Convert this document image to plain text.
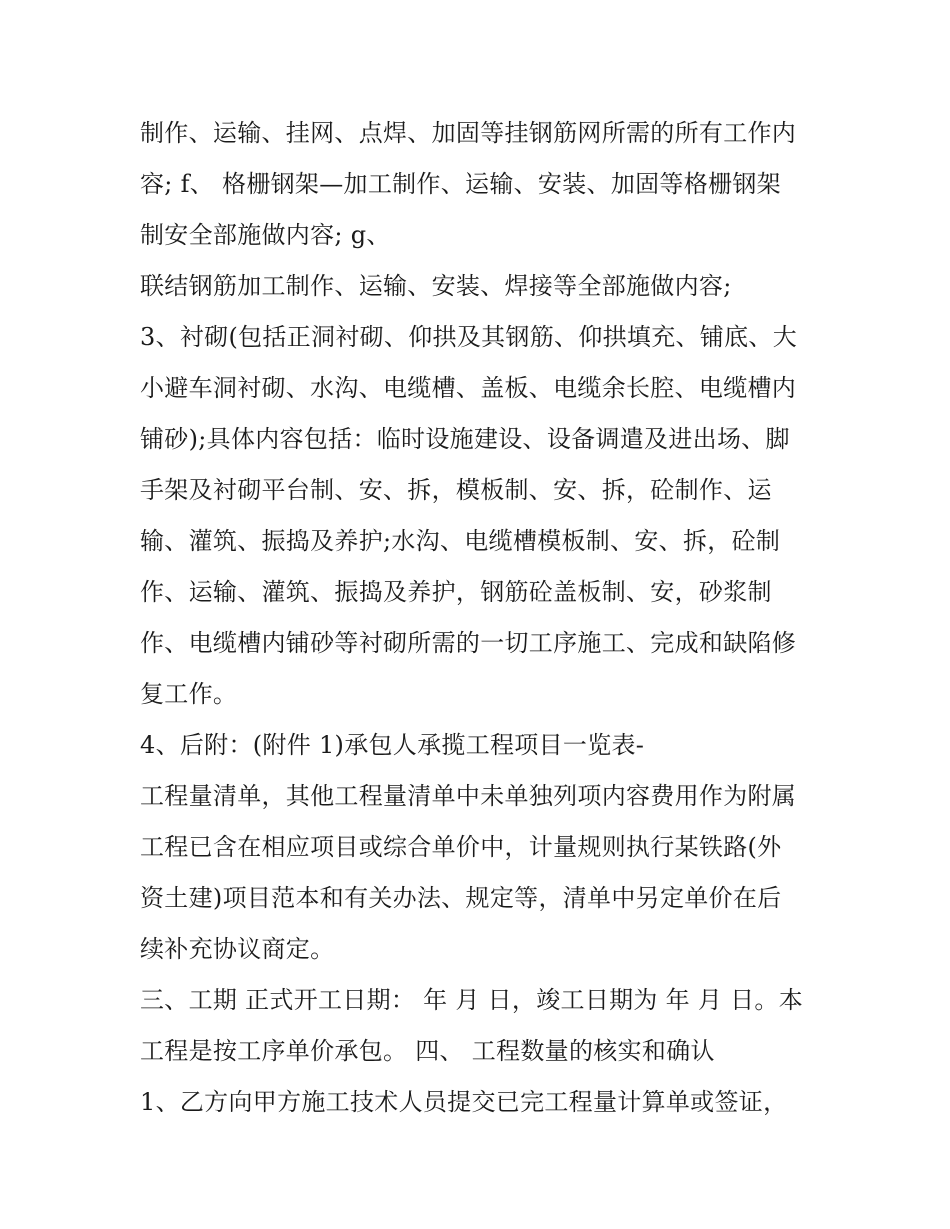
制作、运输、挂网、点焊、加固等挂钢筋网所需的所有工作内
容; f、 格栅钢架—加工制作、运输、安装、加固等格栅钢架
制安全部施做内容; g、
联结钢筋加工制作、运输、安装、焊接等全部施做内容;
3、衬砌(包括正洞衬砌、仰拱及其钢筋、仰拱填充、铺底、大
小避车洞衬砌、水沟、电缆槽、盖板、电缆余长腔、电缆槽内
铺砂);具体内容包括：临时设施建设、设备调遣及进出场、脚
手架及衬砌平台制、安、拆，模板制、安、拆，砼制作、运
输、灌筑、振捣及养护;水沟、电缆槽模板制、安、拆，砼制
作、运输、灌筑、振捣及养护，钢筋砼盖板制、安，砂浆制
作、电缆槽内铺砂等衬砌所需的一切工序施工、完成和缺陷修
复工作。
4、后附：(附件 1)承包人承揽工程项目一览表-
工程量清单，其他工程量清单中未单独列项内容费用作为附属
工程已含在相应项目或综合单价中，计量规则执行某铁路(外
资土建)项目范本和有关办法、规定等，清单中另定单价在后
续补充协议商定。
三、工期 正式开工日期： 年 月 日，竣工日期为 年 月 日。本
工程是按工序单价承包。 四、 工程数量的核实和确认
1、乙方向甲方施工技术人员提交已完工程量计算单或签证，
